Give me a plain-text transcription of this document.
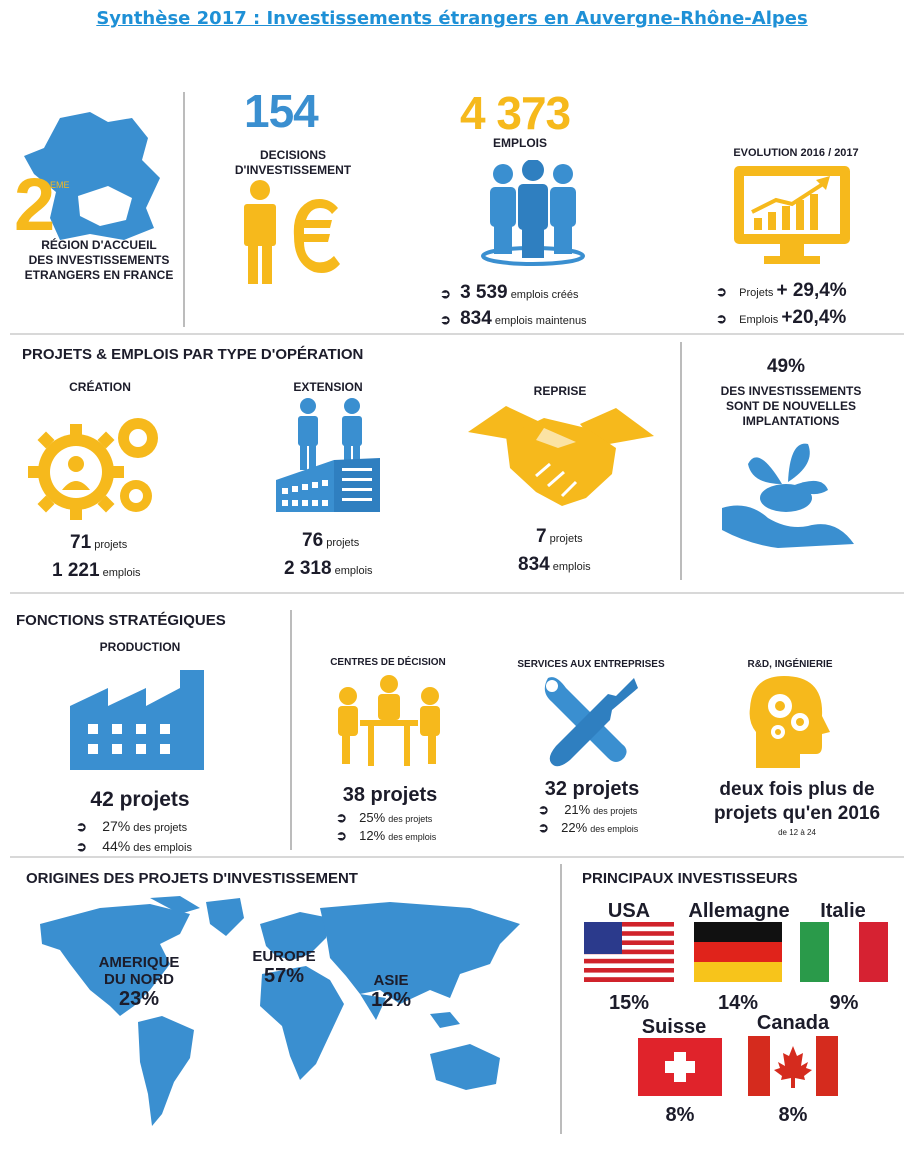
Synthèse 2017 : Investissements étrangers en Auvergne-Rhône-Alpes
2
EME
RÉGION D'ACCUEIL
DES INVESTISSEMENTS
ETRANGERS EN FRANCE
154
DECISIONS
D'INVESTISSEMENT
4 373
EMPLOIS
➲ 3 539 emplois créés
➲ 834 emplois maintenus
EVOLUTION 2016 / 2017
➲ Projets + 29,4%
➲ Emplois +20,4%
PROJETS & EMPLOIS PAR TYPE D'OPÉRATION
CRÉATION
71 projets
1 221 emplois
EXTENSION
76 projets
2 318 emplois
REPRISE
7 projets
834 emplois
49%
DES INVESTISSEMENTS
SONT DE NOUVELLES
IMPLANTATIONS
FONCTIONS STRATÉGIQUES
PRODUCTION
42 projets
➲ 27% des projets
➲ 44% des emplois
CENTRES DE DÉCISION
38 projets
➲ 25% des projets
➲ 12% des emplois
SERVICES AUX ENTREPRISES
32 projets
➲ 21% des projets
➲ 22% des emplois
R&D, INGÉNIERIE
deux fois plus de
projets qu'en 2016
de 12 à 24
ORIGINES DES PROJETS D'INVESTISSEMENT
AMERIQUE
DU NORD
23%
EUROPE
57%	ASIE
12%
PRINCIPAUX INVESTISSEURS
USA
15%
Allemagne
14%
Italie
9%
Suisse
8%
Canada
8%
